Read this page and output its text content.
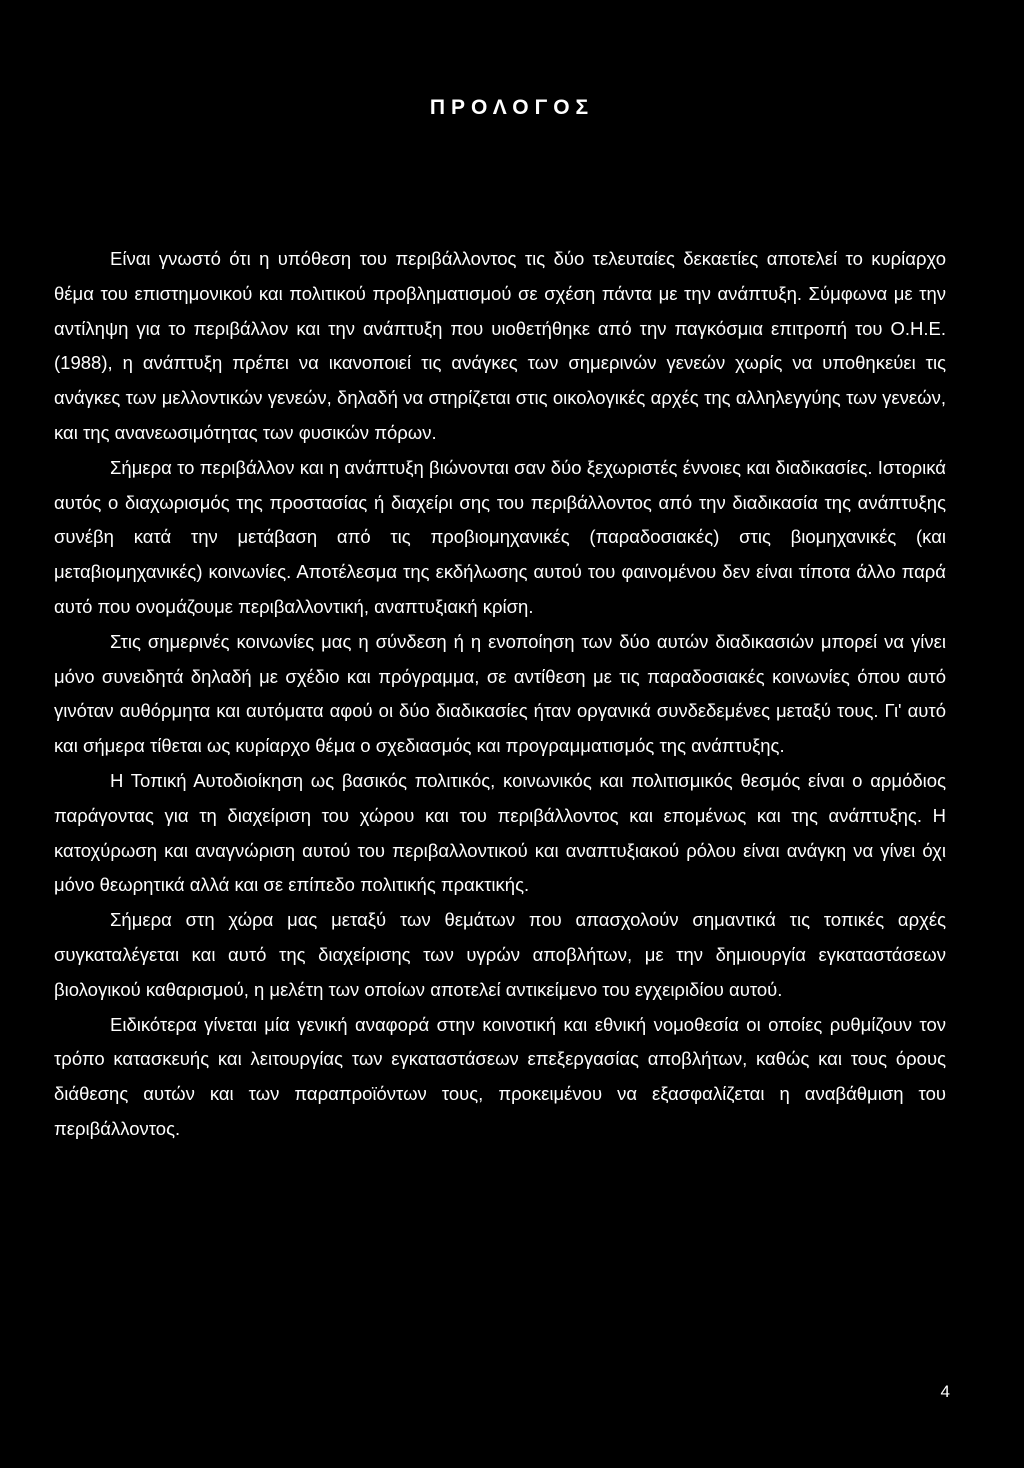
ΠΡΟΛΟΓΟΣ

Είναι γνωστό ότι η υπόθεση του περιβάλλοντος τις δύο τελευταίες δεκαετίες αποτελεί το κυρίαρχο θέμα του επιστημονικού και πολιτικού προβληματισμού σε σχέση πάντα με την ανάπτυξη. Σύμφωνα με την αντίληψη για το περιβάλλον και την ανάπτυξη που υιοθετήθηκε από την παγκόσμια επιτροπή του Ο.Η.Ε. (1988), η ανάπτυξη πρέπει να ικανοποιεί τις ανάγκες των σημερινών γενεών χωρίς να υποθηκεύει τις ανάγκες των μελλοντικών γενεών, δηλαδή να στηρίζεται στις οικολογικές αρχές της αλληλεγγύης των γενεών, και της ανανεωσιμότητας των φυσικών πόρων.

Σήμερα το περιβάλλον και η ανάπτυξη βιώνονται σαν δύο ξεχωριστές έννοιες και διαδικασίες. Ιστορικά αυτός ο διαχωρισμός της προστασίας ή διαχείρι σης του περιβάλλοντος από την διαδικασία της ανάπτυξης συνέβη κατά την μετάβαση από τις προβιομηχανικές (παραδοσιακές) στις βιομηχανικές (και μεταβιομηχανικές) κοινωνίες. Αποτέλεσμα της εκδήλωσης αυτού του φαινομένου δεν είναι τίποτα άλλο παρά αυτό που ονομάζουμε περιβαλλοντική, αναπτυξιακή κρίση.

Στις σημερινές κοινωνίες μας η σύνδεση ή η ενοποίηση των δύο αυτών διαδικασιών μπορεί να γίνει μόνο συνειδητά δηλαδή με σχέδιο και πρόγραμμα, σε αντίθεση με τις παραδοσιακές κοινωνίες όπου αυτό γινόταν αυθόρμητα και αυτόματα αφού οι δύο διαδικασίες ήταν οργανικά συνδεδεμένες μεταξύ τους. Γι' αυτό και σήμερα τίθεται ως κυρίαρχο θέμα ο σχεδιασμός και προγραμματισμός της ανάπτυξης.

Η Τοπική Αυτοδιοίκηση ως βασικός πολιτικός, κοινωνικός και πολιτισμικός θεσμός είναι ο αρμόδιος παράγοντας για τη διαχείριση του χώρου και του περιβάλλοντος και επομένως και της ανάπτυξης. Η κατοχύρωση και αναγνώριση αυτού του περιβαλλοντικού και αναπτυξιακού ρόλου είναι ανάγκη να γίνει όχι μόνο θεωρητικά αλλά και σε επίπεδο πολιτικής πρακτικής.

Σήμερα στη χώρα μας μεταξύ των θεμάτων που απασχολούν σημαντικά τις τοπικές αρχές συγκαταλέγεται και αυτό της διαχείρισης των υγρών αποβλήτων, με την δημιουργία εγκαταστάσεων βιολογικού καθαρισμού, η μελέτη των οποίων αποτελεί αντικείμενο του εγχειριδίου αυτού.

Ειδικότερα γίνεται μία γενική αναφορά στην κοινοτική και εθνική νομοθεσία οι οποίες ρυθμίζουν τον τρόπο κατασκευής και λειτουργίας των εγκαταστάσεων επεξεργασίας αποβλήτων, καθώς και τους όρους διάθεσης αυτών και των παραπροϊόντων τους, προκειμένου να εξασφαλίζεται η αναβάθμιση του περιβάλλοντος.

4
